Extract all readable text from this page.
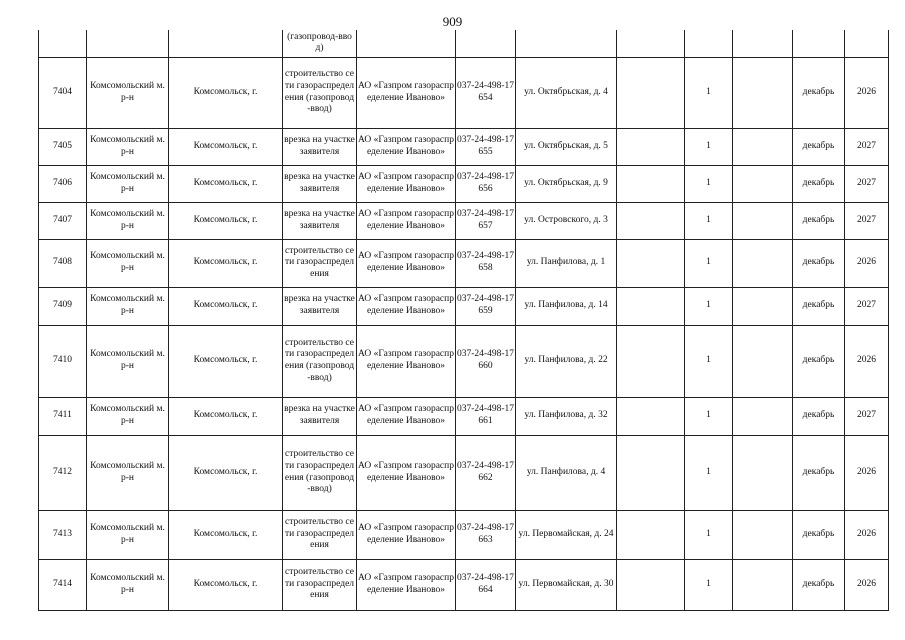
909
			(газопровод-ввод)								
7404	Комсомольский м.р-н	Комсомольск, г.	строительство сети газораспределения (газопровод-ввод)	АО «Газпром газораспределение Иваново»	037-24-498-17654	ул. Октябрьская, д. 4		1		декабрь	2026
7405	Комсомольский м.р-н	Комсомольск, г.	врезка на участке заявителя	АО «Газпром газораспределение Иваново»	037-24-498-17655	ул. Октябрьская, д. 5		1		декабрь	2027
7406	Комсомольский м.р-н	Комсомольск, г.	врезка на участке заявителя	АО «Газпром газораспределение Иваново»	037-24-498-17656	ул. Октябрьская, д. 9		1		декабрь	2027
7407	Комсомольский м.р-н	Комсомольск, г.	врезка на участке заявителя	АО «Газпром газораспределение Иваново»	037-24-498-17657	ул. Островского, д. 3		1		декабрь	2027
7408	Комсомольский м.р-н	Комсомольск, г.	строительство сети газораспределения	АО «Газпром газораспределение Иваново»	037-24-498-17658	ул. Панфилова, д. 1		1		декабрь	2026
7409	Комсомольский м.р-н	Комсомольск, г.	врезка на участке заявителя	АО «Газпром газораспределение Иваново»	037-24-498-17659	ул. Панфилова, д. 14		1		декабрь	2027
7410	Комсомольский м.р-н	Комсомольск, г.	строительство сети газораспределения (газопровод-ввод)	АО «Газпром газораспределение Иваново»	037-24-498-17660	ул. Панфилова, д. 22		1		декабрь	2026
7411	Комсомольский м.р-н	Комсомольск, г.	врезка на участке заявителя	АО «Газпром газораспределение Иваново»	037-24-498-17661	ул. Панфилова, д. 32		1		декабрь	2027
7412	Комсомольский м.р-н	Комсомольск, г.	строительство сети газораспределения (газопровод-ввод)	АО «Газпром газораспределение Иваново»	037-24-498-17662	ул. Панфилова, д. 4		1		декабрь	2026
7413	Комсомольский м.р-н	Комсомольск, г.	строительство сети газораспределения	АО «Газпром газораспределение Иваново»	037-24-498-17663	ул. Первомайская, д. 24		1		декабрь	2026
7414	Комсомольский м.р-н	Комсомольск, г.	строительство сети газораспределения	АО «Газпром газораспределение Иваново»	037-24-498-17664	ул. Первомайская, д. 30		1		декабрь	2026
